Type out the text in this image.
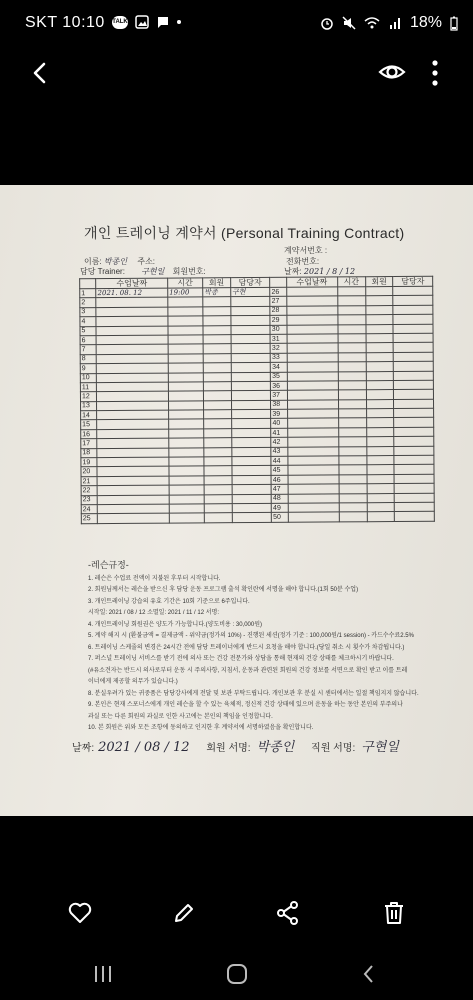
SKT 10:10 TALK	18%
개인 트레이닝 계약서 (Personal Training Contract)
계약서번호 :
이름: 박종인 주소:	전화번호:
담당 Trainer: 구현일 회원번호:	날짜: 2021 / 8 / 12
	수업날짜	시간	회원	담당자		수업날짜	시간	회원	담당자
1	2021. 08. 12	19:00	박종	구현	26				
2					27				
3					28				
4					29				
5					30				
6					31				
7					32				
8					33				
9					34				
10					35				
11					36				
12					37				
13					38				
14					39				
15					40				
16					41				
17					42				
18					43				
19					44				
20					45				
21					46				
22					47				
23					48				
24					49				
25					50				
-레슨규정-
1. 레슨은 수업료 전액이 지불된 후부터 시작합니다.
2. 회원님께서는 레슨을 받으신 후 담당 운동 프로그램 출석 확인란에 서명을 해야 합니다.(1회 50분 수업)
3. 개인트레이닝 강습의 유효 기간은 10회 기준으로 6주입니다.
시작일: 2021 / 08 / 12 소멸일: 2021 / 11 / 12 서명:
4. 개인트레이닝 회원권은 양도가 가능합니다.(양도비용 : 30,000원)
5. 계약 해지 시 (환불금액 = 결제금액 - 위약금(정가의 10%) - 진행된 세션(정가 기준 : 100,000원/1 session) - 카드수수료2.5%
6. 트레이닝 스케줄의 변경은 24시간 전에 담당 트레이너에게 반드시 요청을 해야 합니다.(당일 취소 시 횟수가 차감됩니다.)
7. 퍼스널 트레이닝 서비스를 받기 전에 의사 또는 건강 전문가와 상담을 통해 현재의 건강 상태를 체크하시기 바랍니다.
(#유소견자는 반드시 의사로부터 운동 시 주의사항, 지침서, 운동과 관련된 회원의 건강 정보를 서면으로 확인 받고 이를 트레
이너에게 제공할 의무가 있습니다.)
8. 분실우려가 있는 귀중품은 담당강사에게 전달 및 보관 부탁드립니다. 개인보관 후 분실 시 센터에서는 일절 책임지지 않습니다.
9. 본인은 현재 스포너스에게 개인 레슨을 할 수 있는 육체적, 정신적 건강 상태에 있으며 운동을 하는 동안 본인의 부주의나
과실 또는 다른 회원의 과실로 인한 사고에는 본인의 책임을 인정합니다.
10. 본 회원은 위와 모든 조항에 동의하고 인지한 후 계약서에 서명하였음을 확인합니다.
날짜: 2021 / 08 / 12 회원 서명: 박종인 직원 서명: 구현일
